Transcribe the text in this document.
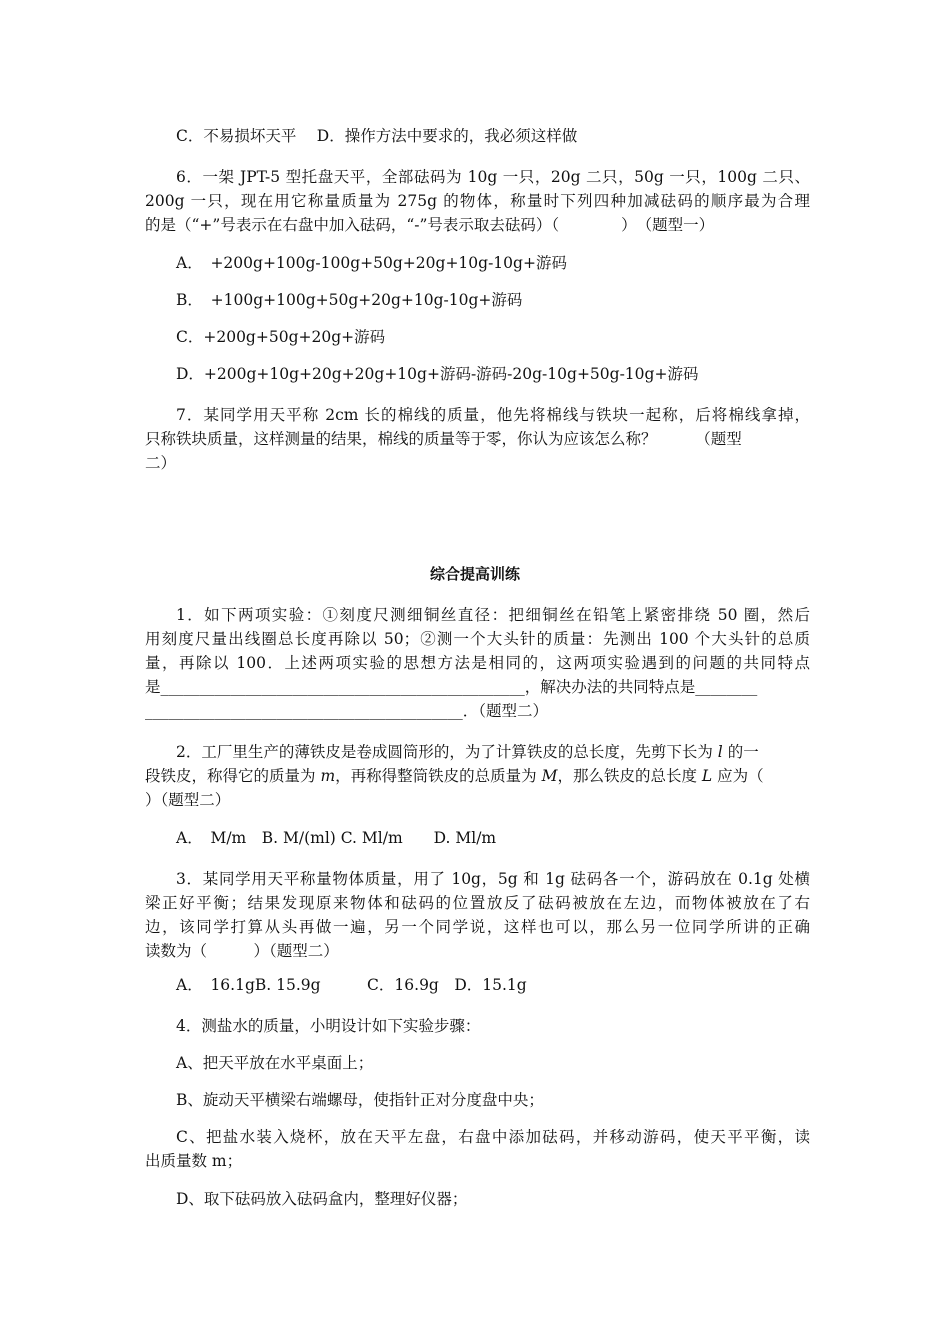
C．不易损坏天平　 D．操作方法中要求的，我必须这样做
6．一架 JPT-5 型托盘天平，全部砝码为 10g 一只，20g 二只，50g 一只，100g 二只、
200g 一只，现在用它称量质量为 275g 的物体，称量时下列四种加减砝码的顺序最为合理
的是（“+”号表示在右盘中加入砝码，“-”号表示取去砝码）（　　　　）　（题型一）
A．　+200g+100g-100g+50g+20g+10g-10g+游码
B．　+100g+100g+50g+20g+10g-10g+游码
C．+200g+50g+20g+游码
D．+200g+10g+20g+20g+10g+游码-游码-20g-10g+50g-10g+游码
7．某同学用天平称 2cm 长的棉线的质量，他先将棉线与铁块一起称，后将棉线拿掉，
只称铁块质量，这样测量的结果，棉线的质量等于零，你认为应该怎么称？　　　（题型
二）
综合提高训练
1．如下两项实验：①刻度尺测细铜丝直径：把细铜丝在铅笔上紧密排绕 50 圈，然后
用刻度尺量出线圈总长度再除以 50；②测一个大头针的质量：先测出 100 个大头针的总质
量，再除以 100．上述两项实验的思想方法是相同的，这两项实验遇到的问题的共同特点
是_______________________________________________，解决办法的共同特点是________
_________________________________________．（题型二）
2．工厂里生产的薄铁皮是卷成圆筒形的，为了计算铁皮的总长度，先剪下长为 l 的一
段铁皮，称得它的质量为 m，再称得整筒铁皮的总质量为 M，那么铁皮的总长度 L 应为（
）（题型二）
A．　M/m　B. M/(ml) C. Ml/m　　D. Ml/m
3．某同学用天平称量物体质量，用了 10g，5g 和 1g 砝码各一个，游码放在 0.1g 处横
梁正好平衡；结果发现原来物体和砝码的位置放反了砝码被放在左边，而物体被放在了右
边，该同学打算从头再做一遍，另一个同学说，这样也可以，那么另一位同学所讲的正确
读数为（　　　）（题型二）
A．　16.1gB. 15.9g　　　C．16.9g　D．15.1g
4．测盐水的质量，小明设计如下实验步骤：
A、把天平放在水平桌面上；
B、旋动天平横梁右端螺母，使指针正对分度盘中央；
C、把盐水装入烧杯，放在天平左盘，右盘中添加砝码，并移动游码，使天平平衡，读
出质量数 m；
D、取下砝码放入砝码盒内，整理好仪器；
